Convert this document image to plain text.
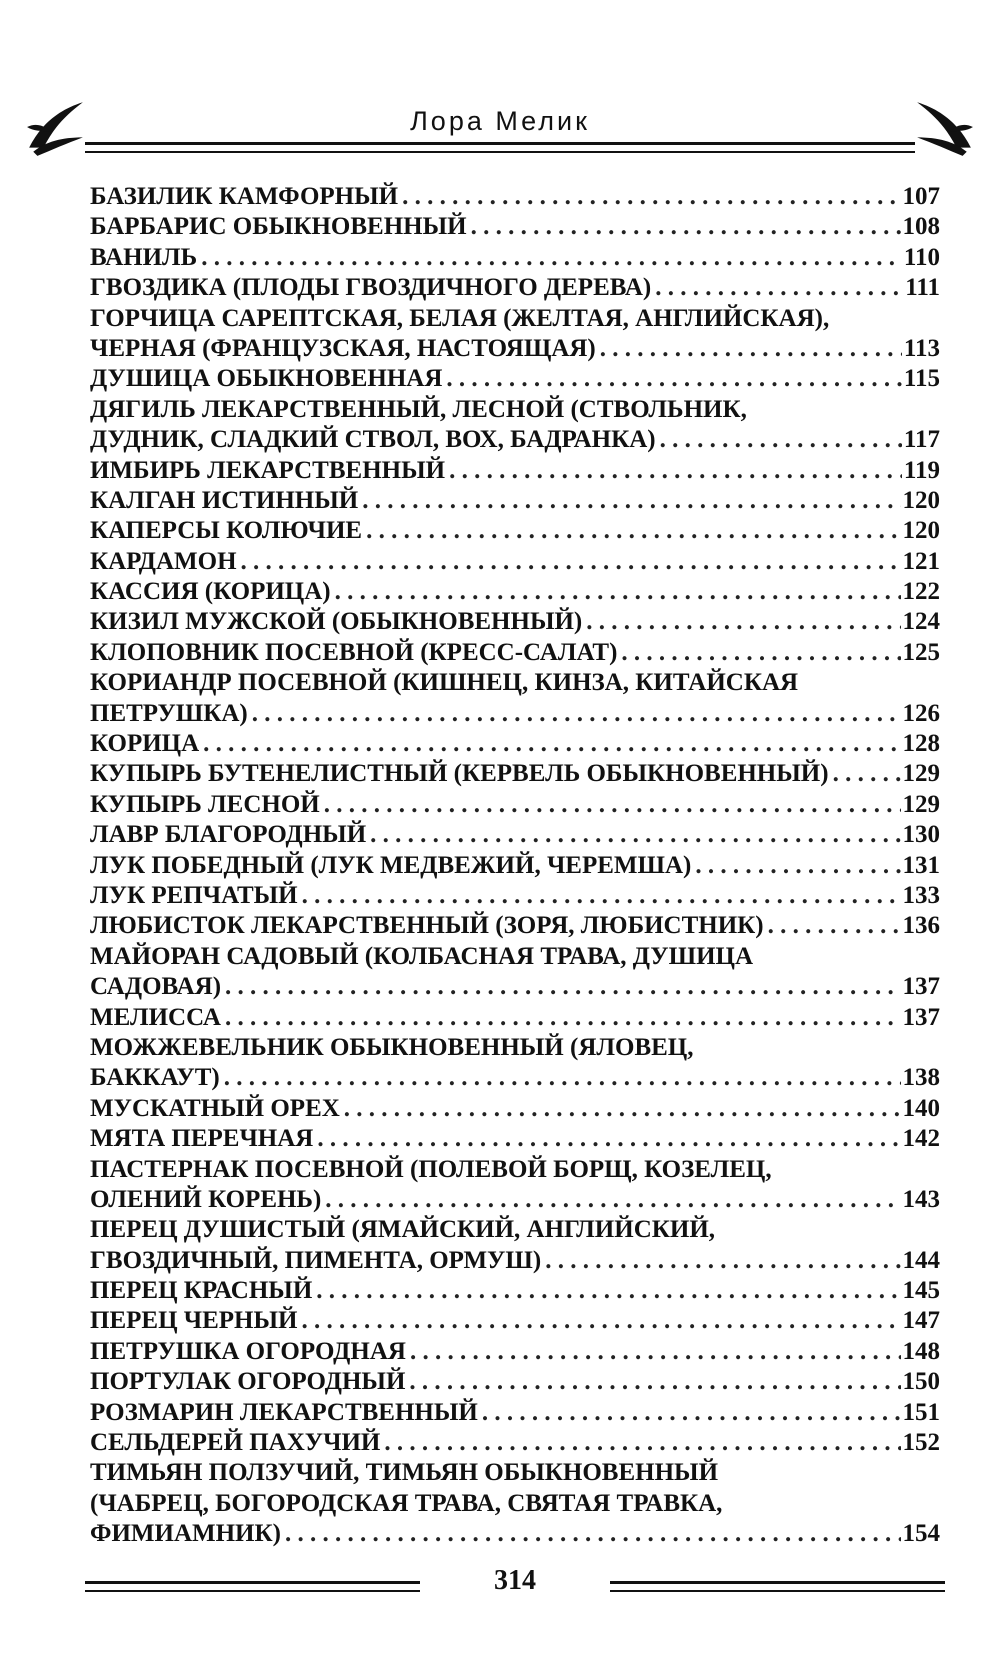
Лора Мелик
БАЗИЛИК КАМФОРНЫЙ . . .	107
БАРБАРИС ОБЫКНОВЕННЫЙ . . .	108
ВАНИЛЬ . . .	110
ГВОЗДИКА (ПЛОДЫ ГВОЗДИЧНОГО ДЕРЕВА) . . .	111
ГОРЧИЦА САРЕПТСКАЯ, БЕЛАЯ (ЖЕЛТАЯ, АНГЛИЙСКАЯ),
ЧЕРНАЯ (ФРАНЦУЗСКАЯ, НАСТОЯЩАЯ) . . .	113
ДУШИЦА ОБЫКНОВЕННАЯ . . .	115
ДЯГИЛЬ ЛЕКАРСТВЕННЫЙ, ЛЕСНОЙ (СТВОЛЬНИК,
ДУДНИК, СЛАДКИЙ СТВОЛ, ВОХ, БАДРАНКА) . . .	117
ИМБИРЬ ЛЕКАРСТВЕННЫЙ . . .	119
КАЛГАН ИСТИННЫЙ . . .	120
КАПЕРСЫ КОЛЮЧИЕ . . .	120
КАРДАМОН . . .	121
КАССИЯ (КОРИЦА) . . .	122
КИЗИЛ МУЖСКОЙ (ОБЫКНОВЕННЫЙ) . . .	124
КЛОПОВНИК ПОСЕВНОЙ (КРЕСС-САЛАТ) . . .	125
КОРИАНДР ПОСЕВНОЙ (КИШНЕЦ, КИНЗА, КИТАЙСКАЯ
ПЕТРУШКА) . . .	126
КОРИЦА . . .	128
КУПЫРЬ БУТЕНЕЛИСТНЫЙ (КЕРВЕЛЬ ОБЫКНОВЕННЫЙ) . . .	129
КУПЫРЬ ЛЕСНОЙ . . .	129
ЛАВР БЛАГОРОДНЫЙ . . .	130
ЛУК ПОБЕДНЫЙ (ЛУК МЕДВЕЖИЙ, ЧЕРЕМША) . . .	131
ЛУК РЕПЧАТЫЙ . . .	133
ЛЮБИСТОК ЛЕКАРСТВЕННЫЙ (ЗОРЯ, ЛЮБИСТНИК) . . .	136
МАЙОРАН САДОВЫЙ (КОЛБАСНАЯ ТРАВА, ДУШИЦА
САДОВАЯ) . . .	137
МЕЛИССА . . .	137
МОЖЖЕВЕЛЬНИК ОБЫКНОВЕННЫЙ (ЯЛОВЕЦ,
БАККАУТ) . . .	138
МУСКАТНЫЙ ОРЕХ . . .	140
МЯТА ПЕРЕЧНАЯ . . .	142
ПАСТЕРНАК ПОСЕВНОЙ (ПОЛЕВОЙ БОРЩ, КОЗЕЛЕЦ,
ОЛЕНИЙ КОРЕНЬ) . . .	143
ПЕРЕЦ ДУШИСТЫЙ (ЯМАЙСКИЙ, АНГЛИЙСКИЙ,
ГВОЗДИЧНЫЙ, ПИМЕНТА, ОРМУШ) . . .	144
ПЕРЕЦ КРАСНЫЙ . . .	145
ПЕРЕЦ ЧЕРНЫЙ . . .	147
ПЕТРУШКА ОГОРОДНАЯ . . .	148
ПОРТУЛАК ОГОРОДНЫЙ . . .	150
РОЗМАРИН ЛЕКАРСТВЕННЫЙ . . .	151
СЕЛЬДЕРЕЙ ПАХУЧИЙ . . .	152
ТИМЬЯН ПОЛЗУЧИЙ, ТИМЬЯН ОБЫКНОВЕННЫЙ
(ЧАБРЕЦ, БОГОРОДСКАЯ ТРАВА, СВЯТАЯ ТРАВКА,
ФИМИАМНИК) . . .	154
314
